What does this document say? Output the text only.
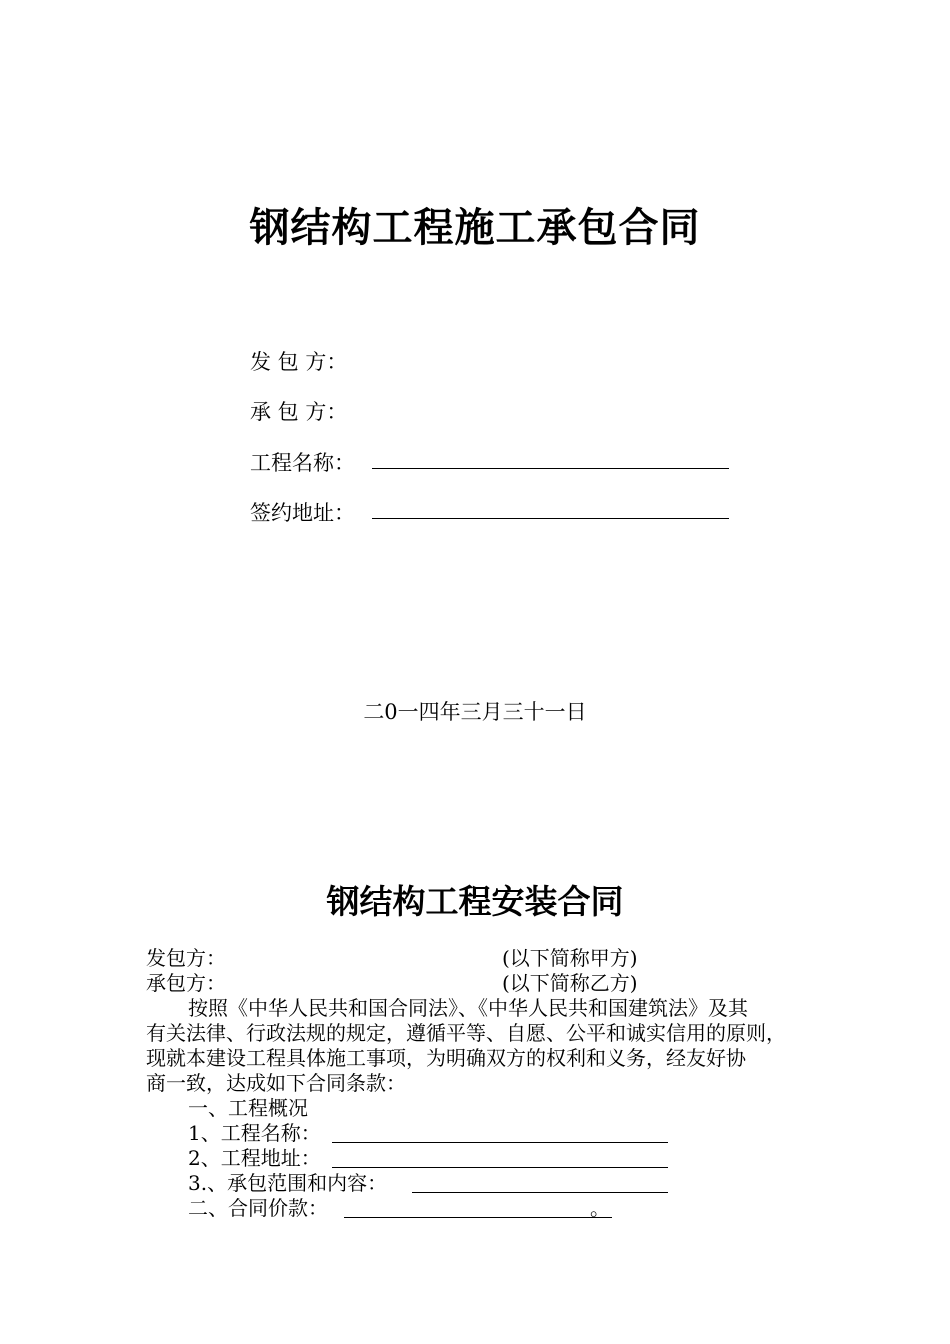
钢结构工程施工承包合同
发 包 方：
承 包 方：
工程名称：
签约地址：
二0一四年三月三十一日
钢结构工程安装合同
发包方：	(以下简称甲方)
承包方：	(以下简称乙方)
按照《中华人民共和国合同法》、《中华人民共和国建筑法》及其
有关法律、行政法规的规定，遵循平等、自愿、公平和诚实信用的原则，
现就本建设工程具体施工事项，为明确双方的权利和义务，经友好协
商一致，达成如下合同条款：
一、工程概况
1、工程名称：
2、工程地址：
3.、承包范围和内容：
二、合同价款：	。
